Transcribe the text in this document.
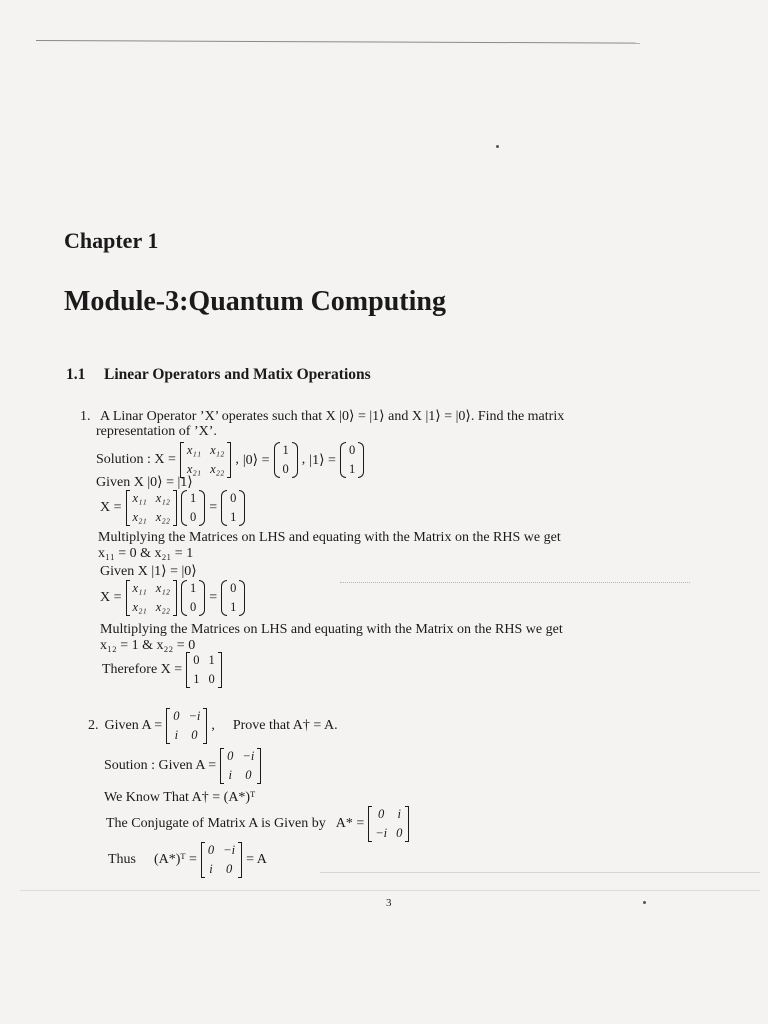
Chapter 1
Module-3:Quantum Computing
1.1 Linear Operators and Matix Operations
1. A Linar Operator ’X’ operates such that X |0⟩ = |1⟩ and X |1⟩ = |0⟩. Find the matrix
representation of ’X’.
Solution : X =
x₁₁ x₁₂
x₂₁ x₂₂
, |0⟩ =
1
0
, |1⟩ =
0
1
Given X |0⟩ = |1⟩
X =
x₁₁ x₁₂
x₂₁ x₂₂
1
0
=
0
1
Multiplying the Matrices on LHS and equating with the Matrix on the RHS we get
x₁₁ = 0 & x₂₁ = 1
Given X |1⟩ = |0⟩
X =
x₁₁ x₁₂
x₂₁ x₂₂
1
0
=
0
1
Multiplying the Matrices on LHS and equating with the Matrix on the RHS we get
x₁₂ = 1 & x₂₂ = 0
Therefore X =
0 1
1 0
2. Given A =
0 −i
i 0
, Prove that A† = A.
Soution : Given A =
0 −i
i 0
We Know That A† = (A*)ᵀ
The Conjugate of Matrix A is Given by A* =
0 i
−i 0
Thus (A*)ᵀ =
0 −i
i 0
= A
3
